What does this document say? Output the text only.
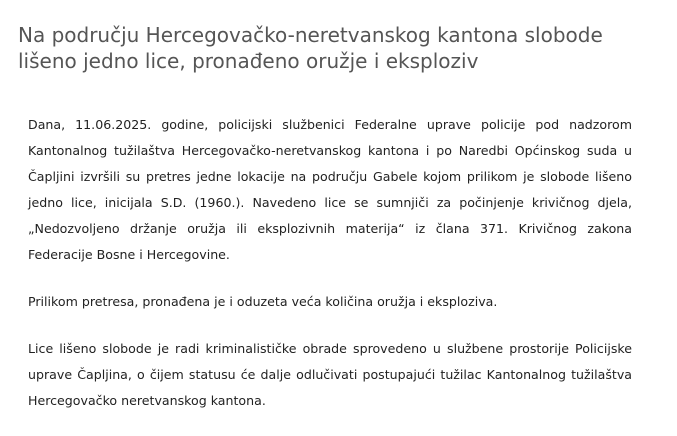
Na području Hercegovačko-neretvanskog kantona slobode lišeno jedno lice, pronađeno oružje i eksploziv

Dana, 11.06.2025. godine, policijski službenici Federalne uprave policije pod nadzorom Kantonalnog tužilaštva Hercegovačko-neretvanskog kantona i po Naredbi Općinskog suda u Čapljini izvršili su pretres jedne lokacije na području Gabele kojom prilikom je slobode lišeno jedno lice, inicijala S.D. (1960.). Navedeno lice se sumnjiči za počinjenje krivičnog djela, „Nedozvoljeno držanje oružja ili eksplozivnih materija“ iz člana 371. Krivičnog zakona Federacije Bosne i Hercegovine.

Prilikom pretresa, pronađena je i oduzeta veća količina oružja i eksploziva.

Lice lišeno slobode je radi kriminalističke obrade sprovedeno u službene prostorije Policijske uprave Čapljina, o čijem statusu će dalje odlučivati postupajući tužilac Kantonalnog tužilaštva Hercegovačko neretvanskog kantona.
